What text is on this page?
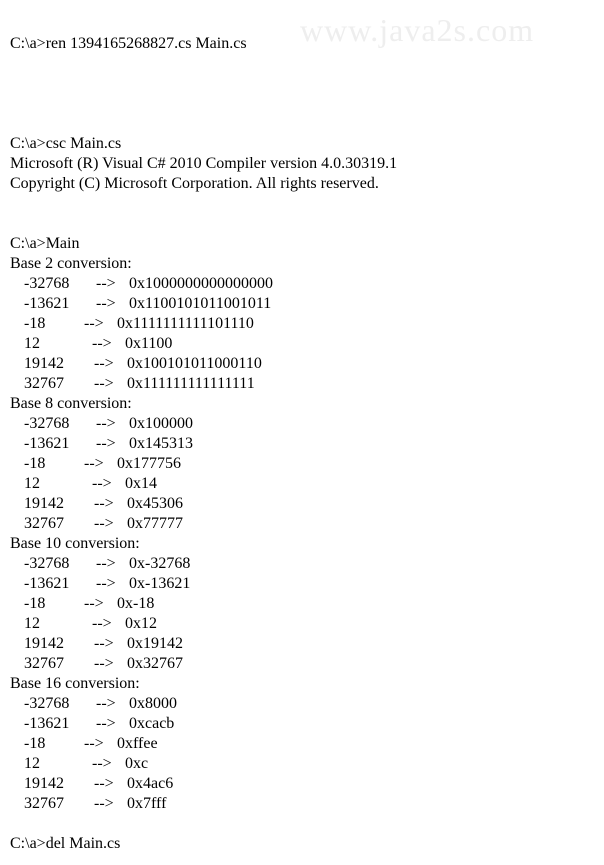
www.java2s.com
C:\a>ren 1394165268827.cs Main.cs
C:\a>csc Main.cs
Microsoft (R) Visual C# 2010 Compiler version 4.0.30319.1
Copyright (C) Microsoft Corporation. All rights reserved.
C:\a>Main
Base 2 conversion:
-32768 --> 0x1000000000000000
-13621 --> 0x1100101011001011
-18 --> 0x1111111111101110
12	--> 0x1100
19142 --> 0x100101011000110
32767 --> 0x111111111111111
Base 8 conversion:
-32768 --> 0x100000
-13621 --> 0x145313
-18 --> 0x177756
12	--> 0x14
19142 --> 0x45306
32767 --> 0x77777
Base 10 conversion:
-32768 --> 0x-32768
-13621 --> 0x-13621
-18 --> 0x-18
12	--> 0x12
19142 --> 0x19142
32767 --> 0x32767
Base 16 conversion:
-32768 --> 0x8000
-13621 --> 0xcacb
-18 --> 0xffee
12	--> 0xc
19142 --> 0x4ac6
32767 --> 0x7fff
C:\a>del Main.cs
